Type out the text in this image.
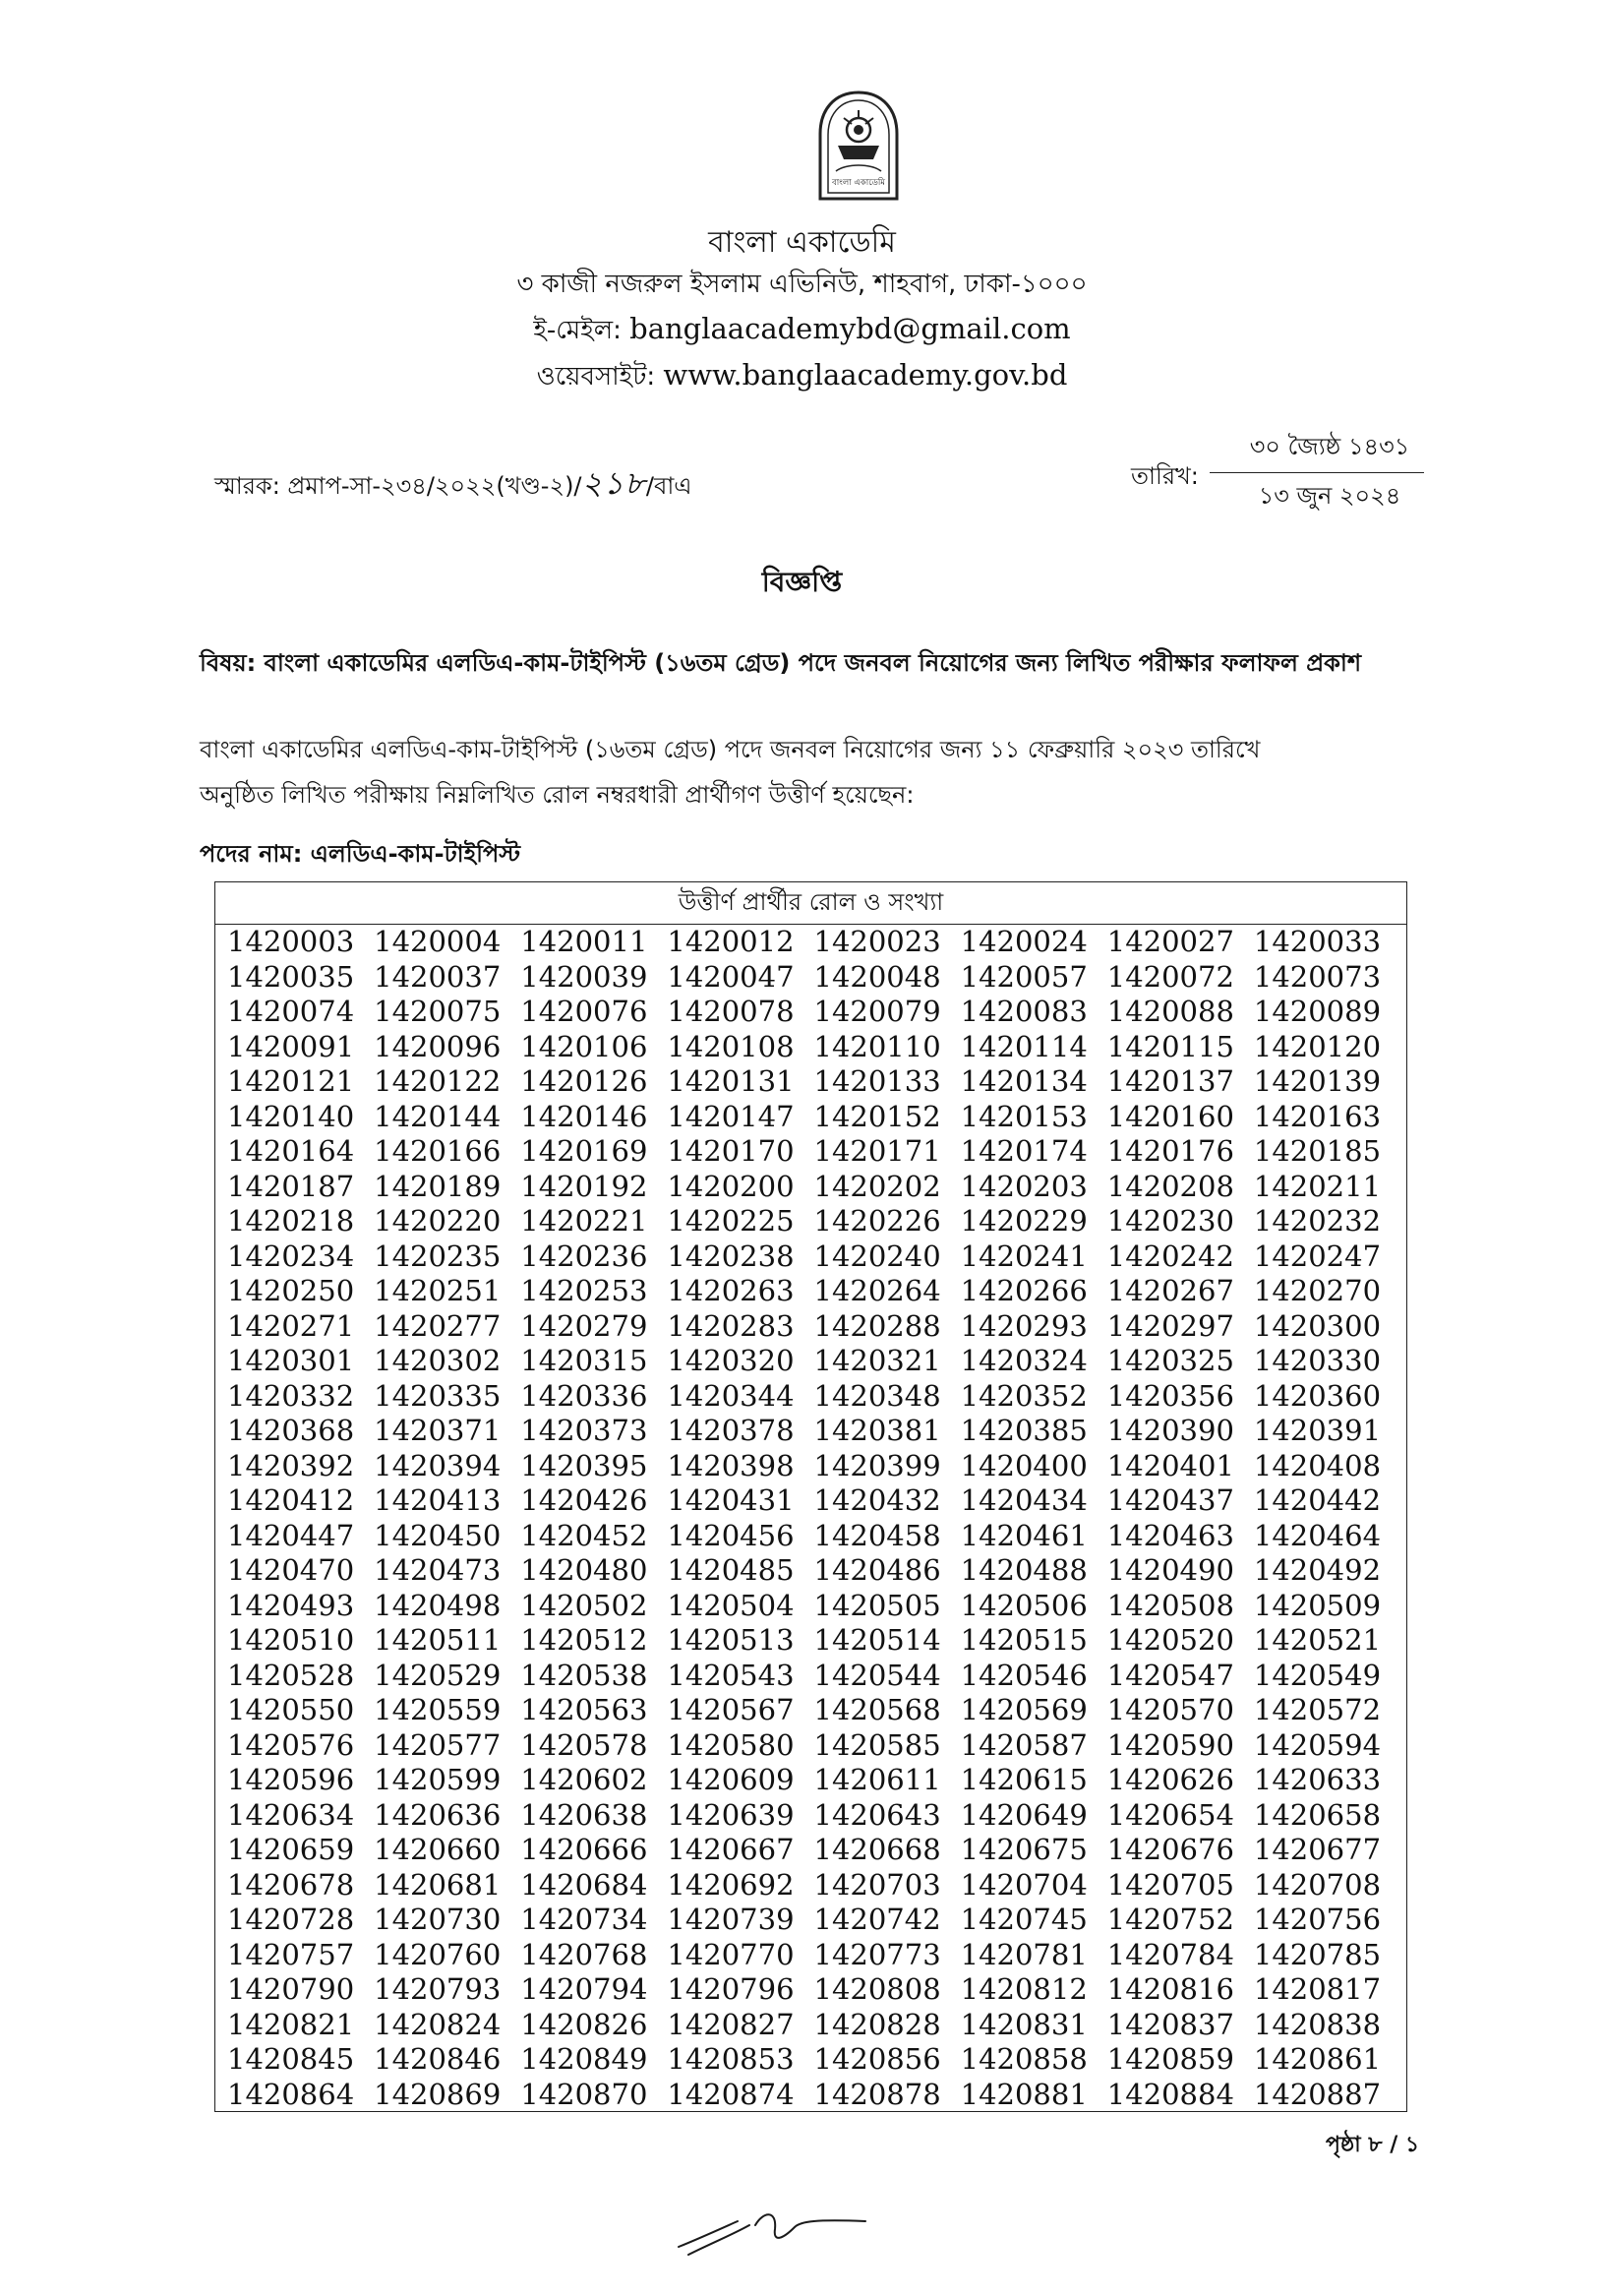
বাংলা একাডেমি
বাংলা একাডেমি
৩ কাজী নজরুল ইসলাম এভিনিউ, শাহবাগ, ঢাকা-১০০০
ই-মেইল: banglaacademybd@gmail.com
ওয়েবসাইট: www.banglaacademy.gov.bd
স্মারক: প্রমাপ-সা-২৩৪/২০২২(খণ্ড-২)/২১৮/বাএ	তারিখ:
৩০ জ্যৈষ্ঠ ১৪৩১
১৩ জুন ২০২৪
বিজ্ঞপ্তি
বিষয়: বাংলা একাডেমির এলডিএ-কাম-টাইপিস্ট (১৬তম গ্রেড) পদে জনবল নিয়োগের জন্য লিখিত পরীক্ষার ফলাফল প্রকাশ
বাংলা একাডেমির এলডিএ-কাম-টাইপিস্ট (১৬তম গ্রেড) পদে জনবল নিয়োগের জন্য ১১ ফেব্রুয়ারি ২০২৩ তারিখে
অনুষ্ঠিত লিখিত পরীক্ষায় নিম্নলিখিত রোল নম্বরধারী প্রার্থীগণ উত্তীর্ণ হয়েছেন:
পদের নাম: এলডিএ-কাম-টাইপিস্ট
উত্তীর্ণ প্রার্থীর রোল ও সংখ্যা
1420003 1420004 1420011 1420012 1420023 1420024 1420027 1420033
1420035 1420037 1420039 1420047 1420048 1420057 1420072 1420073
1420074 1420075 1420076 1420078 1420079 1420083 1420088 1420089
1420091 1420096 1420106 1420108 1420110 1420114 1420115 1420120
1420121 1420122 1420126 1420131 1420133 1420134 1420137 1420139
1420140 1420144 1420146 1420147 1420152 1420153 1420160 1420163
1420164 1420166 1420169 1420170 1420171 1420174 1420176 1420185
1420187 1420189 1420192 1420200 1420202 1420203 1420208 1420211
1420218 1420220 1420221 1420225 1420226 1420229 1420230 1420232
1420234 1420235 1420236 1420238 1420240 1420241 1420242 1420247
1420250 1420251 1420253 1420263 1420264 1420266 1420267 1420270
1420271 1420277 1420279 1420283 1420288 1420293 1420297 1420300
1420301 1420302 1420315 1420320 1420321 1420324 1420325 1420330
1420332 1420335 1420336 1420344 1420348 1420352 1420356 1420360
1420368 1420371 1420373 1420378 1420381 1420385 1420390 1420391
1420392 1420394 1420395 1420398 1420399 1420400 1420401 1420408
1420412 1420413 1420426 1420431 1420432 1420434 1420437 1420442
1420447 1420450 1420452 1420456 1420458 1420461 1420463 1420464
1420470 1420473 1420480 1420485 1420486 1420488 1420490 1420492
1420493 1420498 1420502 1420504 1420505 1420506 1420508 1420509
1420510 1420511 1420512 1420513 1420514 1420515 1420520 1420521
1420528 1420529 1420538 1420543 1420544 1420546 1420547 1420549
1420550 1420559 1420563 1420567 1420568 1420569 1420570 1420572
1420576 1420577 1420578 1420580 1420585 1420587 1420590 1420594
1420596 1420599 1420602 1420609 1420611 1420615 1420626 1420633
1420634 1420636 1420638 1420639 1420643 1420649 1420654 1420658
1420659 1420660 1420666 1420667 1420668 1420675 1420676 1420677
1420678 1420681 1420684 1420692 1420703 1420704 1420705 1420708
1420728 1420730 1420734 1420739 1420742 1420745 1420752 1420756
1420757 1420760 1420768 1420770 1420773 1420781 1420784 1420785
1420790 1420793 1420794 1420796 1420808 1420812 1420816 1420817
1420821 1420824 1420826 1420827 1420828 1420831 1420837 1420838
1420845 1420846 1420849 1420853 1420856 1420858 1420859 1420861
1420864 1420869 1420870 1420874 1420878 1420881 1420884 1420887
পৃষ্ঠা ৮ / ১
